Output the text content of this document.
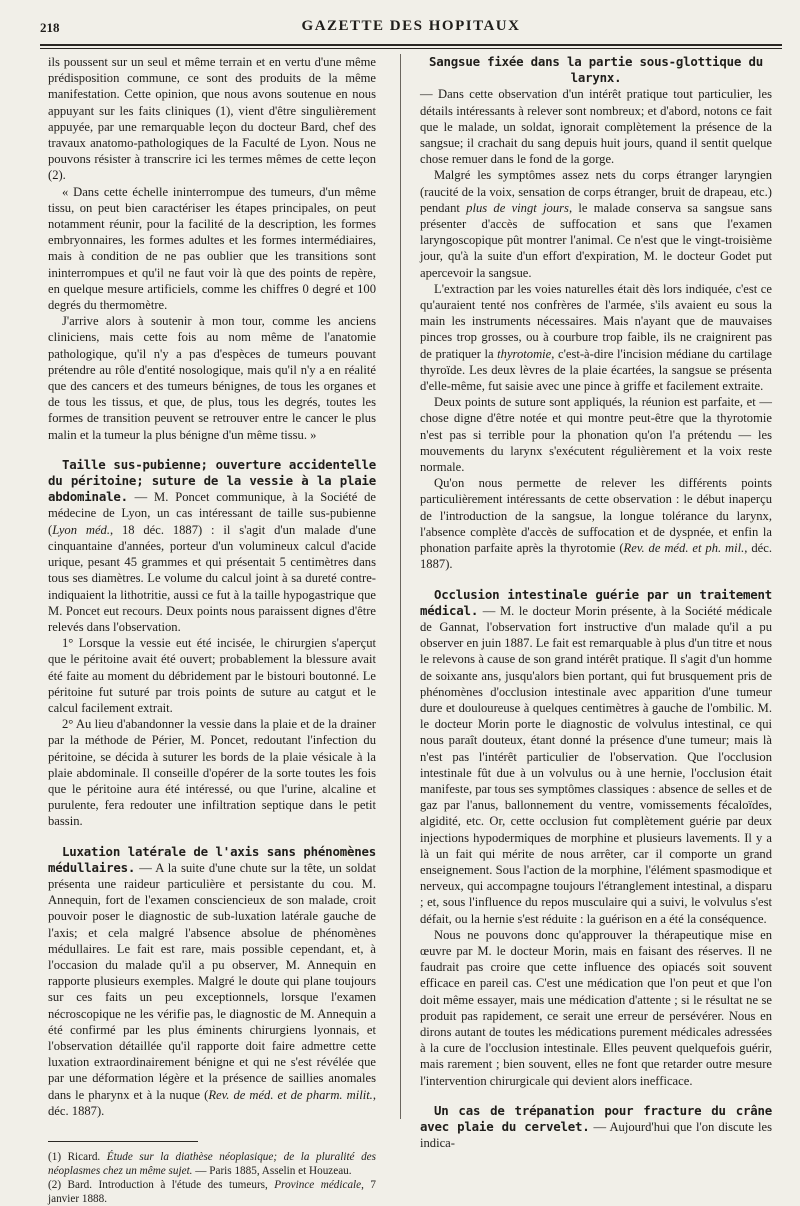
218	GAZETTE DES HOPITAUX

ils poussent sur un seul et même terrain et en vertu d'une même prédisposition commune, ce sont des produits de la même manifestation. Cette opinion, que nous avons soutenue en nous appuyant sur les faits cliniques (1), vient d'être singulièrement appuyée, par une remarquable leçon du docteur Bard, chef des travaux anatomo-pathologiques de la Faculté de Lyon. Nous ne pouvons résister à transcrire ici les termes mêmes de cette leçon (2).

« Dans cette échelle ininterrompue des tumeurs, d'un même tissu, on peut bien caractériser les étapes principales, on peut notamment réunir, pour la facilité de la description, les formes embryonnaires, les formes adultes et les formes intermédiaires, mais à condition de ne pas oublier que les transitions sont ininterrompues et qu'il ne faut voir là que des points de repère, en quelque mesure artificiels, comme les chiffres 0 degré et 100 degrés du thermomètre.

J'arrive alors à soutenir à mon tour, comme les anciens cliniciens, mais cette fois au nom même de l'anatomie pathologique, qu'il n'y a pas d'espèces de tumeurs pouvant prétendre au rôle d'entité nosologique, mais qu'il n'y a en réalité que des cancers et des tumeurs bénignes, de tous les organes et de tous les tissus, et que, de plus, tous les degrés, toutes les formes de transition peuvent se retrouver entre le cancer le plus malin et la tumeur la plus bénigne d'un même tissu. »

Taille sus-pubienne; ouverture accidentelle du péritoine; suture de la vessie à la plaie abdominale. — M. Poncet communique, à la Société de médecine de Lyon, un cas intéressant de taille sus-pubienne (Lyon méd., 18 déc. 1887) : il s'agit d'un malade d'une cinquantaine d'années, porteur d'un volumineux calcul d'acide urique, pesant 45 grammes et qui présentait 5 centimètres dans tous ses diamètres. Le volume du calcul joint à sa dureté contre-indiquaient la lithotritie, aussi ce fut à la taille hypogastrique que M. Poncet eut recours. Deux points nous paraissent dignes d'être relevés dans l'observation.

1° Lorsque la vessie eut été incisée, le chirurgien s'aperçut que le péritoine avait été ouvert; probablement la blessure avait été faite au moment du débridement par le bistouri boutonné. Le péritoine fut suturé par trois points de suture au catgut et le calcul facilement extrait.

2° Au lieu d'abandonner la vessie dans la plaie et de la drainer par la méthode de Périer, M. Poncet, redoutant l'infection du péritoine, se décida à suturer les bords de la plaie vésicale à la plaie abdominale. Il conseille d'opérer de la sorte toutes les fois que le péritoine aura été intéressé, ou que l'urine, alcaline et purulente, fera redouter une infiltration septique dans le petit bassin.

Luxation latérale de l'axis sans phénomènes médullaires. — A la suite d'une chute sur la tête, un soldat présenta une raideur particulière et persistante du cou. M. Annequin, fort de l'examen consciencieux de son malade, croit pouvoir poser le diagnostic de sub-luxation latérale gauche de l'axis; et cela malgré l'absence absolue de phénomènes médullaires. Le fait est rare, mais possible cependant, et, à l'occasion du malade qu'il a pu observer, M. Annequin en rapporte plusieurs exemples. Malgré le doute qui plane toujours sur ces faits un peu exceptionnels, lorsque l'examen nécroscopique ne les vérifie pas, le diagnostic de M. Annequin a été confirmé par les plus éminents chirurgiens lyonnais, et l'observation détaillée qu'il rapporte doit faire admettre cette luxation extraordinairement bénigne et qui ne s'est révélée que par une déformation légère et la présence de saillies anomales dans le pharynx et à la nuque (Rev. de méd. et de pharm. milit., déc. 1887).

(1) Ricard. Étude sur la diathèse néoplasique; de la pluralité des néoplasmes chez un même sujet. — Paris 1885, Asselin et Houzeau.

(2) Bard. Introduction à l'étude des tumeurs, Province médicale, 7 janvier 1888.

Sangsue fixée dans la partie sous-glottique du larynx.

— Dans cette observation d'un intérêt pratique tout particulier, les détails intéressants à relever sont nombreux; et d'abord, notons ce fait que le malade, un soldat, ignorait complètement la présence de la sangsue; il crachait du sang depuis huit jours, quand il sentit quelque chose remuer dans le fond de la gorge.

Malgré les symptômes assez nets du corps étranger laryngien (raucité de la voix, sensation de corps étranger, bruit de drapeau, etc.) pendant plus de vingt jours, le malade conserva sa sangsue sans présenter d'accès de suffocation et sans que l'examen laryngoscopique pût montrer l'animal. Ce n'est que le vingt-troisième jour, qu'à la suite d'un effort d'expiration, M. le docteur Godet put apercevoir la sangsue.

L'extraction par les voies naturelles était dès lors indiquée, c'est ce qu'auraient tenté nos confrères de l'armée, s'ils avaient eu sous la main les instruments nécessaires. Mais n'ayant que de mauvaises pinces trop grosses, ou à courbure trop faible, ils ne craignirent pas de pratiquer la thyrotomie, c'est-à-dire l'incision médiane du cartilage thyroïde. Les deux lèvres de la plaie écartées, la sangsue se présenta d'elle-même, fut saisie avec une pince à griffe et facilement extraite.

Deux points de suture sont appliqués, la réunion est parfaite, et — chose digne d'être notée et qui montre peut-être que la thyrotomie n'est pas si terrible pour la phonation qu'on l'a prétendu — les mouvements du larynx s'exécutent régulièrement et la voix reste normale.

Qu'on nous permette de relever les différents points particulièrement intéressants de cette observation : le début inaperçu de l'introduction de la sangsue, la longue tolérance du larynx, l'absence complète d'accès de suffocation et de dyspnée, et enfin la phonation parfaite après la thyrotomie (Rev. de méd. et ph. mil., déc. 1887).

Occlusion intestinale guérie par un traitement médical. — M. le docteur Morin présente, à la Société médicale de Gannat, l'observation fort instructive d'un malade qu'il a pu observer en juin 1887. Le fait est remarquable à plus d'un titre et nous le relevons à cause de son grand intérêt pratique. Il s'agit d'un homme de soixante ans, jusqu'alors bien portant, qui fut brusquement pris de phénomènes d'occlusion intestinale avec apparition d'une tumeur dure et douloureuse à quelques centimètres à gauche de l'ombilic. M. le docteur Morin porte le diagnostic de volvulus intestinal, ce qui nous paraît douteux, étant donné la présence d'une tumeur; mais là n'est pas l'intérêt particulier de l'observation. Que l'occlusion intestinale fût due à un volvulus ou à une hernie, l'occlusion était manifeste, par tous ses symptômes classiques : absence de selles et de gaz par l'anus, ballonnement du ventre, vomissements fécaloïdes, algidité, etc. Or, cette occlusion fut complètement guérie par deux injections hypodermiques de morphine et plusieurs lavements. Il y a là un fait qui mérite de nous arrêter, car il comporte un grand enseignement. Sous l'action de la morphine, l'élément spasmodique et nerveux, qui accompagne toujours l'étranglement intestinal, a disparu ; et, sous l'influence du repos musculaire qui a suivi, le volvulus s'est défait, ou la hernie s'est réduite : la guérison en a été la conséquence.

Nous ne pouvons donc qu'approuver la thérapeutique mise en œuvre par M. le docteur Morin, mais en faisant des réserves. Il ne faudrait pas croire que cette influence des opiacés soit souvent efficace en pareil cas. C'est une médication que l'on peut et que l'on doit même essayer, mais une médication d'attente ; si le résultat ne se produit pas rapidement, ce serait une erreur de persévérer. Nous en dirons autant de toutes les médications purement médicales adressées à la cure de l'occlusion intestinale. Elles peuvent quelquefois guérir, mais rarement ; bien souvent, elles ne font que retarder outre mesure l'intervention chirurgicale qui devient alors inefficace.

Un cas de trépanation pour fracture du crâne avec plaie du cervelet. — Aujourd'hui que l'on discute les indica-
